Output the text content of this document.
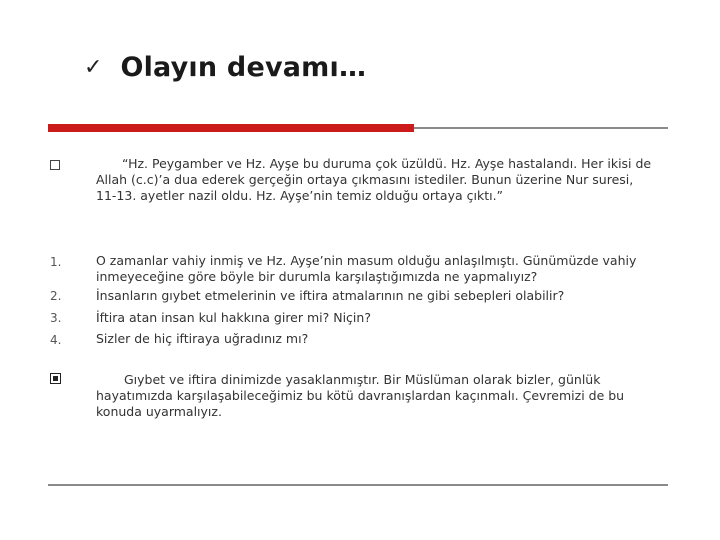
✓ Olayın devamı…
“Hz. Peygamber ve Hz. Ayşe bu duruma çok üzüldü. Hz. Ayşe hastalandı. Her ikisi de Allah (c.c)’a dua ederek gerçeğin ortaya çıkmasını istediler. Bunun üzerine Nur suresi, 11-13. ayetler nazil oldu. Hz. Ayşe’nin temiz olduğu ortaya çıktı.”
1.	O zamanlar vahiy inmiş ve Hz. Ayşe’nin masum olduğu anlaşılmıştı. Günümüzde vahiy inmeyeceğine göre böyle bir durumla karşılaştığımızda ne yapmalıyız?
2.	İnsanların gıybet etmelerinin ve iftira atmalarının ne gibi sebepleri olabilir?
3.	İftira atan insan kul hakkına girer mi? Niçin?
4.	Sizler de hiç iftiraya uğradınız mı?
Gıybet ve iftira dinimizde yasaklanmıştır. Bir Müslüman olarak bizler, günlük hayatımızda karşılaşabileceğimiz bu kötü davranışlardan kaçınmalı. Çevremizi de bu konuda uyarmalıyız.
